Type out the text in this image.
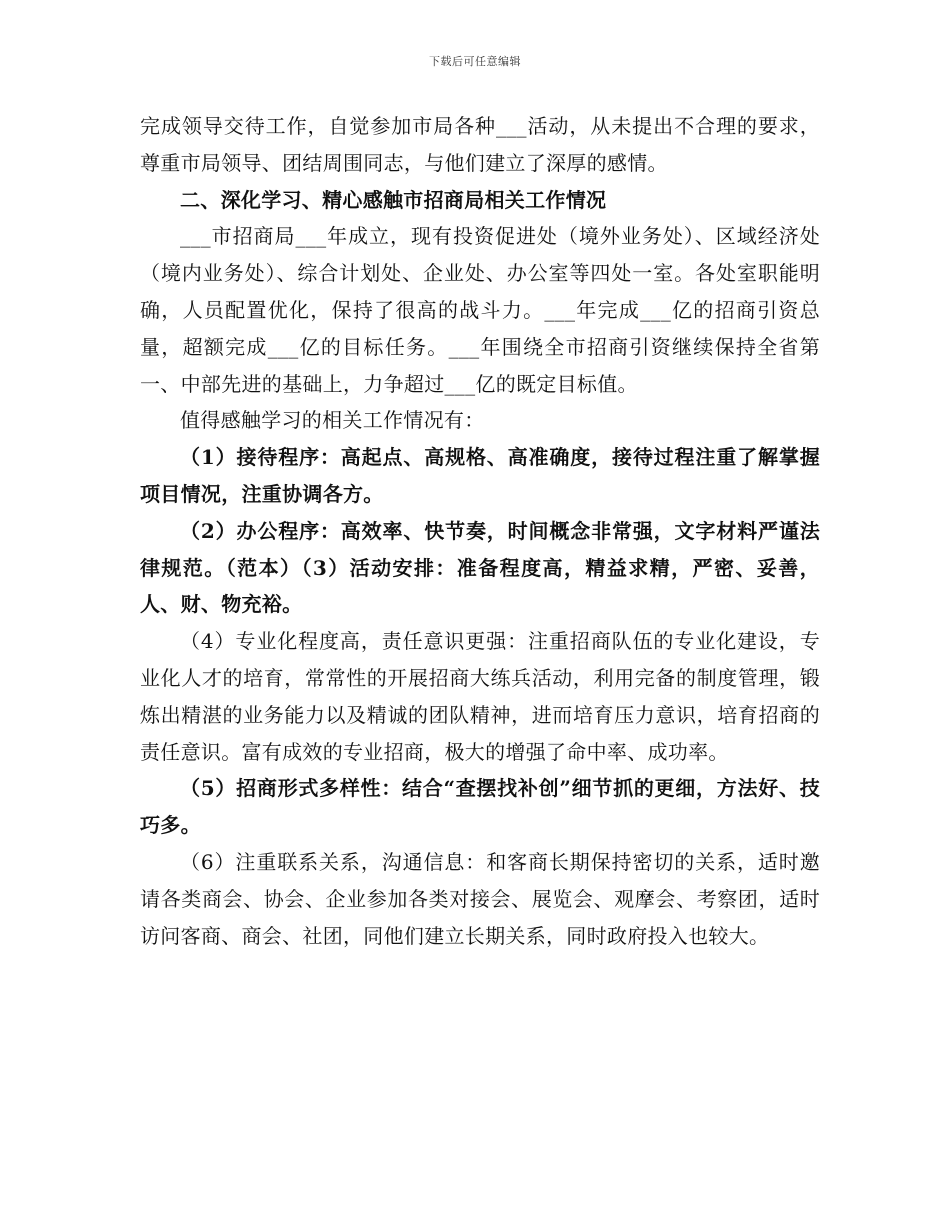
下载后可任意编辑

完成领导交待工作，自觉参加市局各种___活动，从未提出不合理的要求，尊重市局领导、团结周围同志，与他们建立了深厚的感情。

二、深化学习、精心感触市招商局相关工作情况

___市招商局___年成立，现有投资促进处（境外业务处）、区域经济处（境内业务处）、综合计划处、企业处、办公室等四处一室。各处室职能明确，人员配置优化，保持了很高的战斗力。___年完成___亿的招商引资总量，超额完成___亿的目标任务。___年围绕全市招商引资继续保持全省第一、中部先进的基础上，力争超过___亿的既定目标值。

值得感触学习的相关工作情况有：

（1）接待程序：高起点、高规格、高准确度，接待过程注重了解掌握项目情况，注重协调各方。

（2）办公程序：高效率、快节奏，时间概念非常强，文字材料严谨法律规范。（范本）（3）活动安排：准备程度高，精益求精，严密、妥善，人、财、物充裕。

（4）专业化程度高，责任意识更强：注重招商队伍的专业化建设，专业化人才的培育，常常性的开展招商大练兵活动，利用完备的制度管理，锻炼出精湛的业务能力以及精诚的团队精神，进而培育压力意识，培育招商的责任意识。富有成效的专业招商，极大的增强了命中率、成功率。

（5）招商形式多样性：结合“查摆找补创”细节抓的更细，方法好、技巧多。

（6）注重联系关系，沟通信息：和客商长期保持密切的关系，适时邀请各类商会、协会、企业参加各类对接会、展览会、观摩会、考察团，适时访问客商、商会、社团，同他们建立长期关系，同时政府投入也较大。
